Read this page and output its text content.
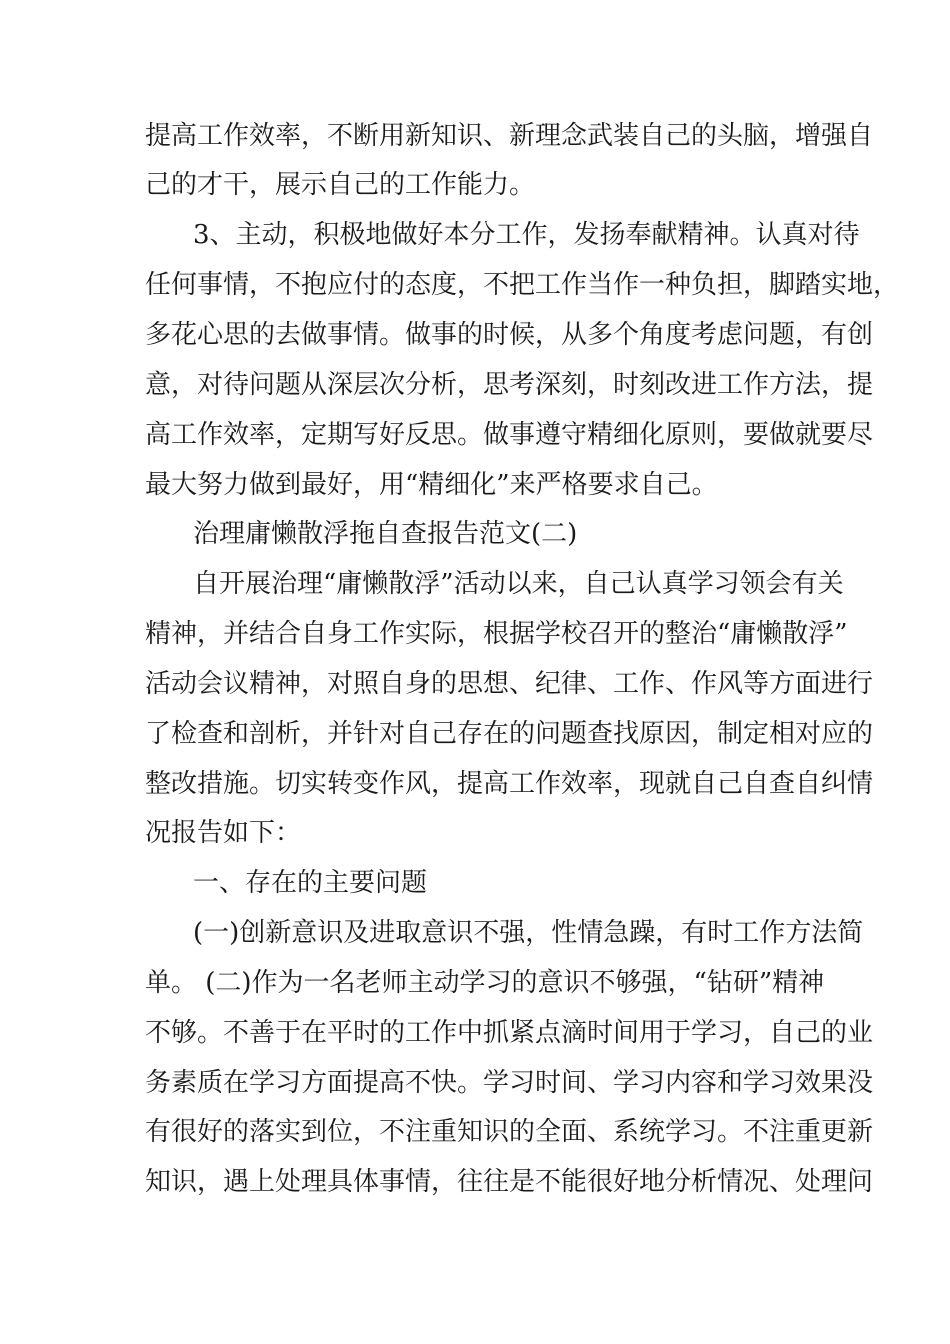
提高工作效率，不断用新知识、新理念武装自己的头脑，增强自
己的才干，展示自己的工作能力。
3、主动，积极地做好本分工作，发扬奉献精神。认真对待
任何事情，不抱应付的态度，不把工作当作一种负担，脚踏实地，
多花心思的去做事情。做事的时候，从多个角度考虑问题，有创
意，对待问题从深层次分析，思考深刻，时刻改进工作方法，提
高工作效率，定期写好反思。做事遵守精细化原则，要做就要尽
最大努力做到最好，用“精细化”来严格要求自己。
治理庸懒散浮拖自查报告范文(二)
自开展治理“庸懒散浮”活动以来，自己认真学习领会有关
精神，并结合自身工作实际，根据学校召开的整治“庸懒散浮”
活动会议精神，对照自身的思想、纪律、工作、作风等方面进行
了检查和剖析，并针对自己存在的问题查找原因，制定相对应的
整改措施。切实转变作风，提高工作效率，现就自己自查自纠情
况报告如下：
一、存在的主要问题
(一)创新意识及进取意识不强，性情急躁，有时工作方法简
单。 (二)作为一名老师主动学习的意识不够强，“钻研”精神
不够。不善于在平时的工作中抓紧点滴时间用于学习，自己的业
务素质在学习方面提高不快。学习时间、学习内容和学习效果没
有很好的落实到位，不注重知识的全面、系统学习。不注重更新
知识，遇上处理具体事情，往往是不能很好地分析情况、处理问
